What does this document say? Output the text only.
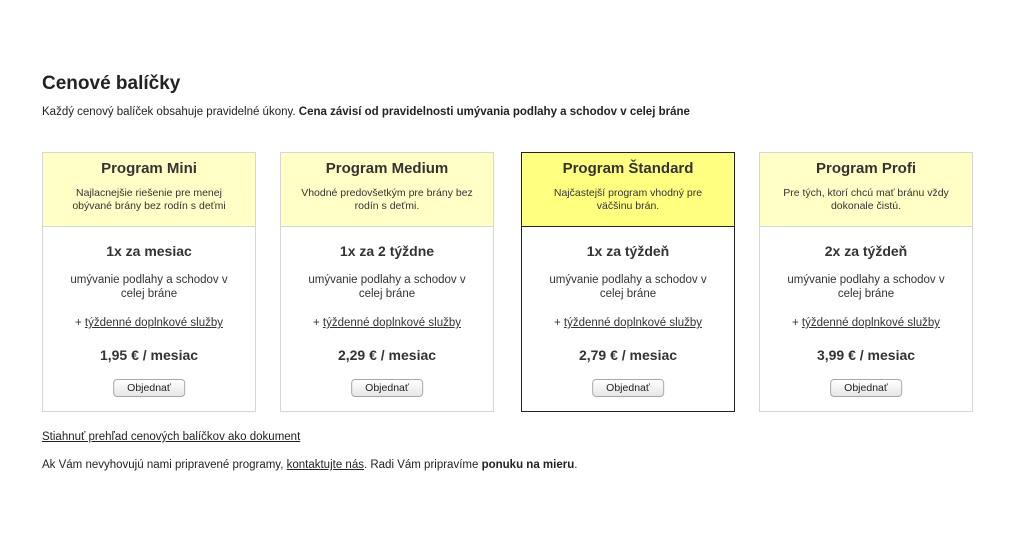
Cenové balíčky
Každý cenový balíček obsahuje pravidelné úkony. Cena závisí od pravidelnosti umývania podlahy a schodov v celej bráne
Program Mini
Najlacnejšie riešenie pre menej obývané brány bez rodín s deťmi
1x za mesiac
umývanie podlahy a schodov v celej bráne
+ týždenné doplnkové služby
1,95 € / mesiac
Objednať
Program Medium
Vhodné predovšetkým pre brány bez rodín s deťmi.
1x za 2 týždne
umývanie podlahy a schodov v celej bráne
+ týždenné doplnkové služby
2,29 € / mesiac
Objednať
Program Štandard
Najčastejší program vhodný pre väčšinu brán.
1x za týždeň
umývanie podlahy a schodov v celej bráne
+ týždenné doplnkové služby
2,79 € / mesiac
Objednať
Program Profi
Pre tých, ktorí chcú mať bránu vždy dokonale čistú.
2x za týždeň
umývanie podlahy a schodov v celej bráne
+ týždenné doplnkové služby
3,99 € / mesiac
Objednať
Stiahnuť prehľad cenových balíčkov ako dokument
Ak Vám nevyhovujú nami pripravené programy, kontaktujte nás. Radi Vám pripravíme ponuku na mieru.
